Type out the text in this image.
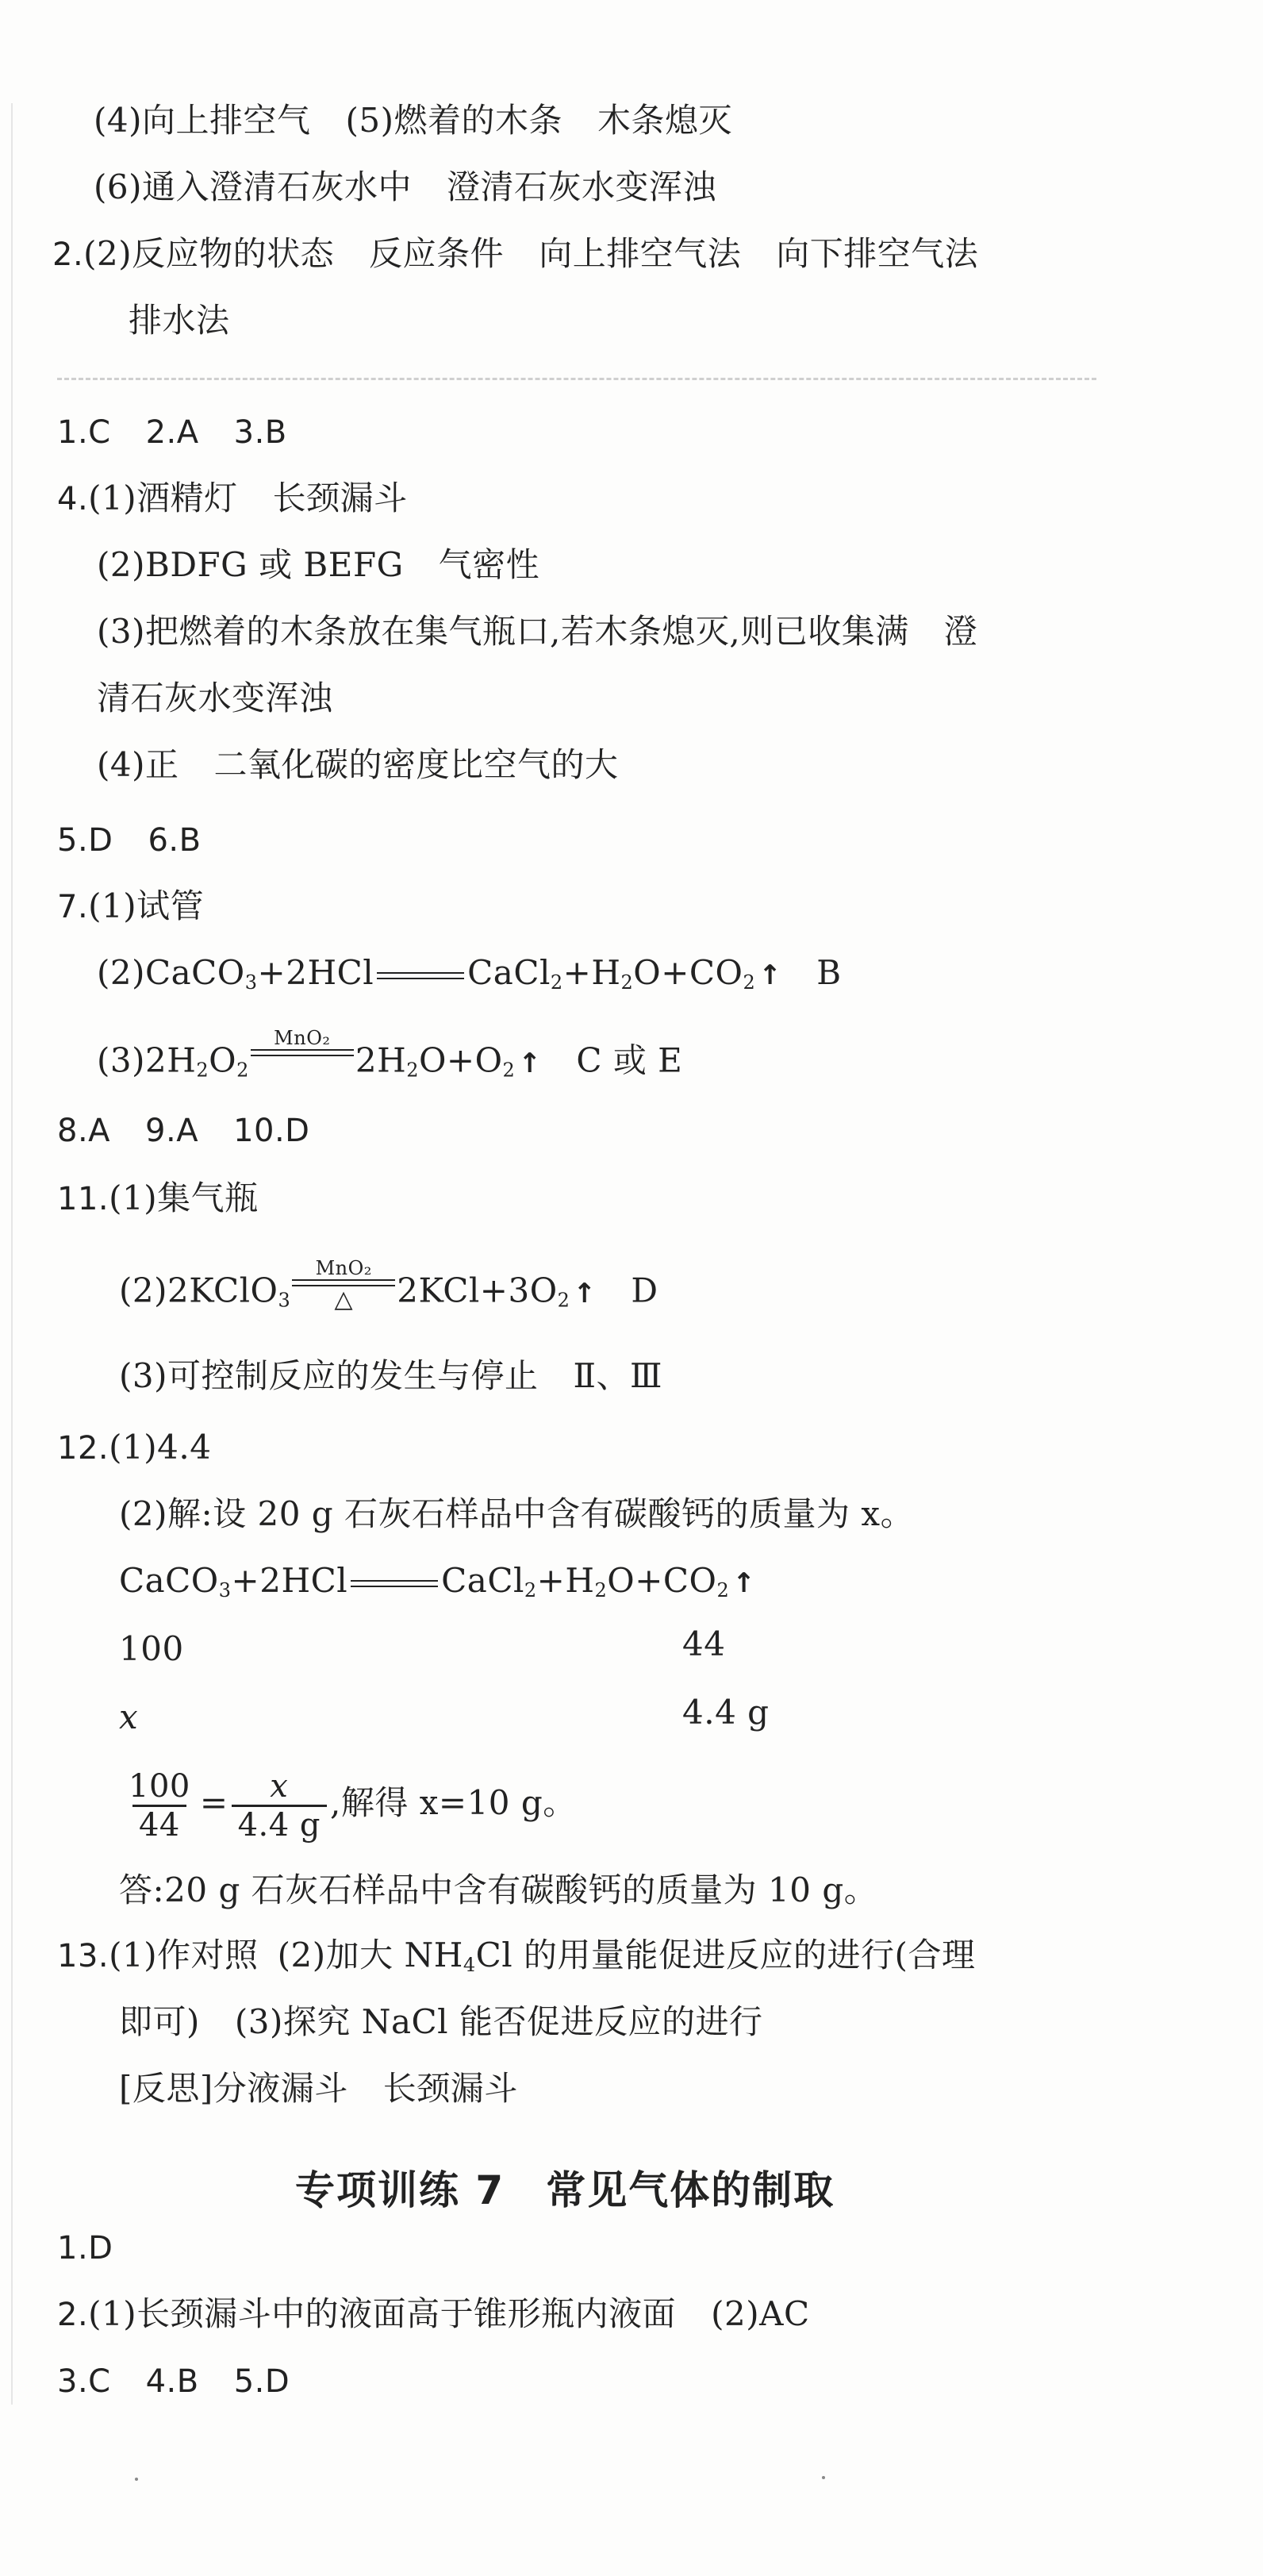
(4)向上排空气 (5)燃着的木条 木条熄灭
(6)通入澄清石灰水中 澄清石灰水变浑浊
2.(2)反应物的状态 反应条件 向上排空气法 向下排空气法
排水法
1.C 2.A 3.B
4.(1)酒精灯 长颈漏斗
(2)BDFG 或 BEFG 气密性
(3)把燃着的木条放在集气瓶口,若木条熄灭,则已收集满 澄
清石灰水变浑浊
(4)正 二氧化碳的密度比空气的大
5.D 6.B
7.(1)试管
(2)CaCO$_3$+2HCl	$CaCl_2+H_2O+CO_2$ ↑ B
$(3)2H_2O_2$
MnO₂

$2H_2O+O_2$ ↑ C 或 E
8.A 9.A 10.D
11.(1)集气瓶
(2)2KClO$_3$
MnO₂
△ $2KCl+3O_2$ ↑ D
(3)可控制反应的发生与停止 Ⅱ、Ⅲ
12.(1)4.4
(2)解:设 20 g 石灰石样品中含有碳酸钙的质量为 x。
CaCO$_3$+2HCl	$CaCl_2+H_2O+CO_2$ ↑
100	44
x	4.4 g
$\frac{100}{44} = \frac{x}{4.4 g}$ ,解得 x=10 g。
答:20 g 石灰石样品中含有碳酸钙的质量为 10 g。
13.(1)作对照 (2)加大 $NH_4Cl$ 的用量能促进反应的进行(合理
即可) (3)探究 NaCl 能否促进反应的进行
[反思]分液漏斗 长颈漏斗
专项训练 7　常见气体的制取
1.D
2.(1)长颈漏斗中的液面高于锥形瓶内液面 (2)AC
3.C 4.B 5.D
